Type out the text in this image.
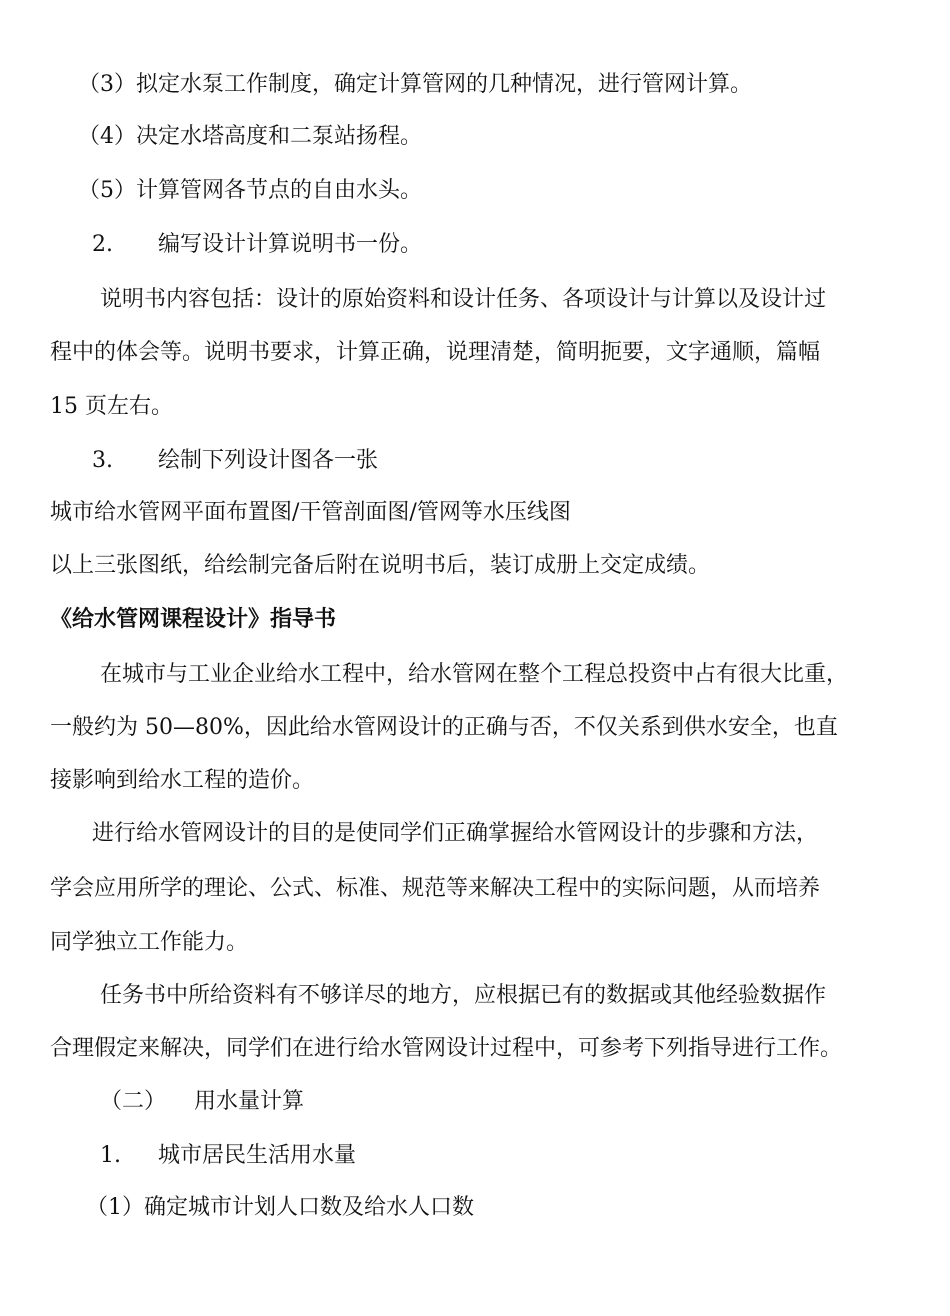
（3）拟定水泵工作制度，确定计算管网的几种情况，进行管网计算。
（4）决定水塔高度和二泵站扬程。
（5）计算管网各节点的自由水头。
2. 编写设计计算说明书一份。
说明书内容包括：设计的原始资料和设计任务、各项设计与计算以及设计过
程中的体会等。说明书要求，计算正确，说理清楚，简明扼要，文字通顺，篇幅
15 页左右。
3. 绘制下列设计图各一张
城市给水管网平面布置图/干管剖面图/管网等水压线图
以上三张图纸，给绘制完备后附在说明书后，装订成册上交定成绩。
《给水管网课程设计》指导书
在城市与工业企业给水工程中，给水管网在整个工程总投资中占有很大比重，
一般约为 50—80%，因此给水管网设计的正确与否，不仅关系到供水安全，也直
接影响到给水工程的造价。
进行给水管网设计的目的是使同学们正确掌握给水管网设计的步骤和方法，
学会应用所学的理论、公式、标准、规范等来解决工程中的实际问题，从而培养
同学独立工作能力。
任务书中所给资料有不够详尽的地方，应根据已有的数据或其他经验数据作
合理假定来解决，同学们在进行给水管网设计过程中，可参考下列指导进行工作。
（二） 用水量计算
1. 城市居民生活用水量
（1）确定城市计划人口数及给水人口数
